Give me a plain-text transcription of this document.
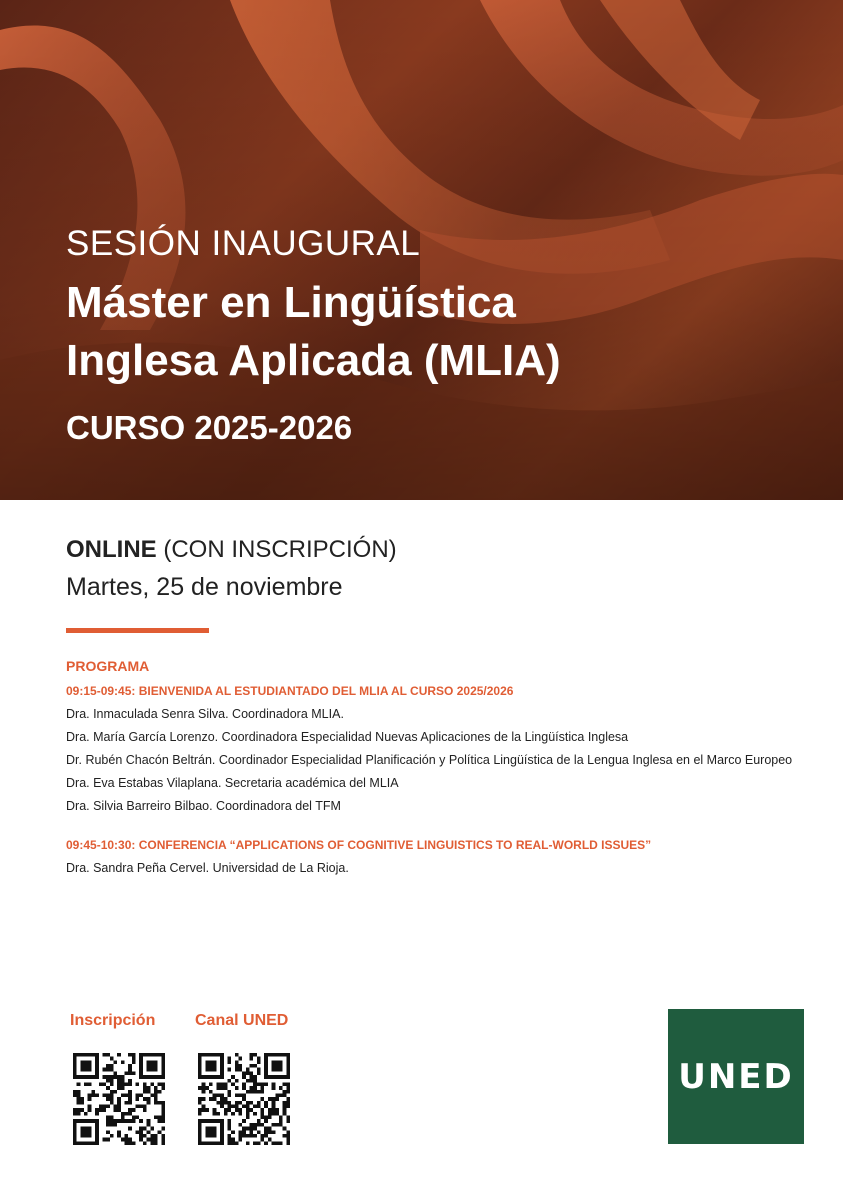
SESIÓN INAUGURAL
Máster en Lingüística
Inglesa Aplicada (MLIA)
CURSO 2025-2026
ONLINE (CON INSCRIPCIÓN)
Martes, 25 de noviembre
PROGRAMA
09:15-09:45: BIENVENIDA AL ESTUDIANTADO DEL MLIA AL CURSO 2025/2026
Dra. Inmaculada Senra Silva. Coordinadora MLIA.
Dra. María García Lorenzo. Coordinadora Especialidad Nuevas Aplicaciones de la Lingüística Inglesa
Dr. Rubén Chacón Beltrán. Coordinador Especialidad Planificación y Política Lingüística de la Lengua Inglesa en el Marco Europeo
Dra. Eva Estabas Vilaplana. Secretaria académica del MLIA
Dra. Silvia Barreiro Bilbao. Coordinadora del TFM
09:45-10:30: CONFERENCIA “APPLICATIONS OF COGNITIVE LINGUISTICS TO REAL-WORLD ISSUES”
Dra. Sandra Peña Cervel. Universidad de La Rioja.
Inscripción Canal UNED
UNED
